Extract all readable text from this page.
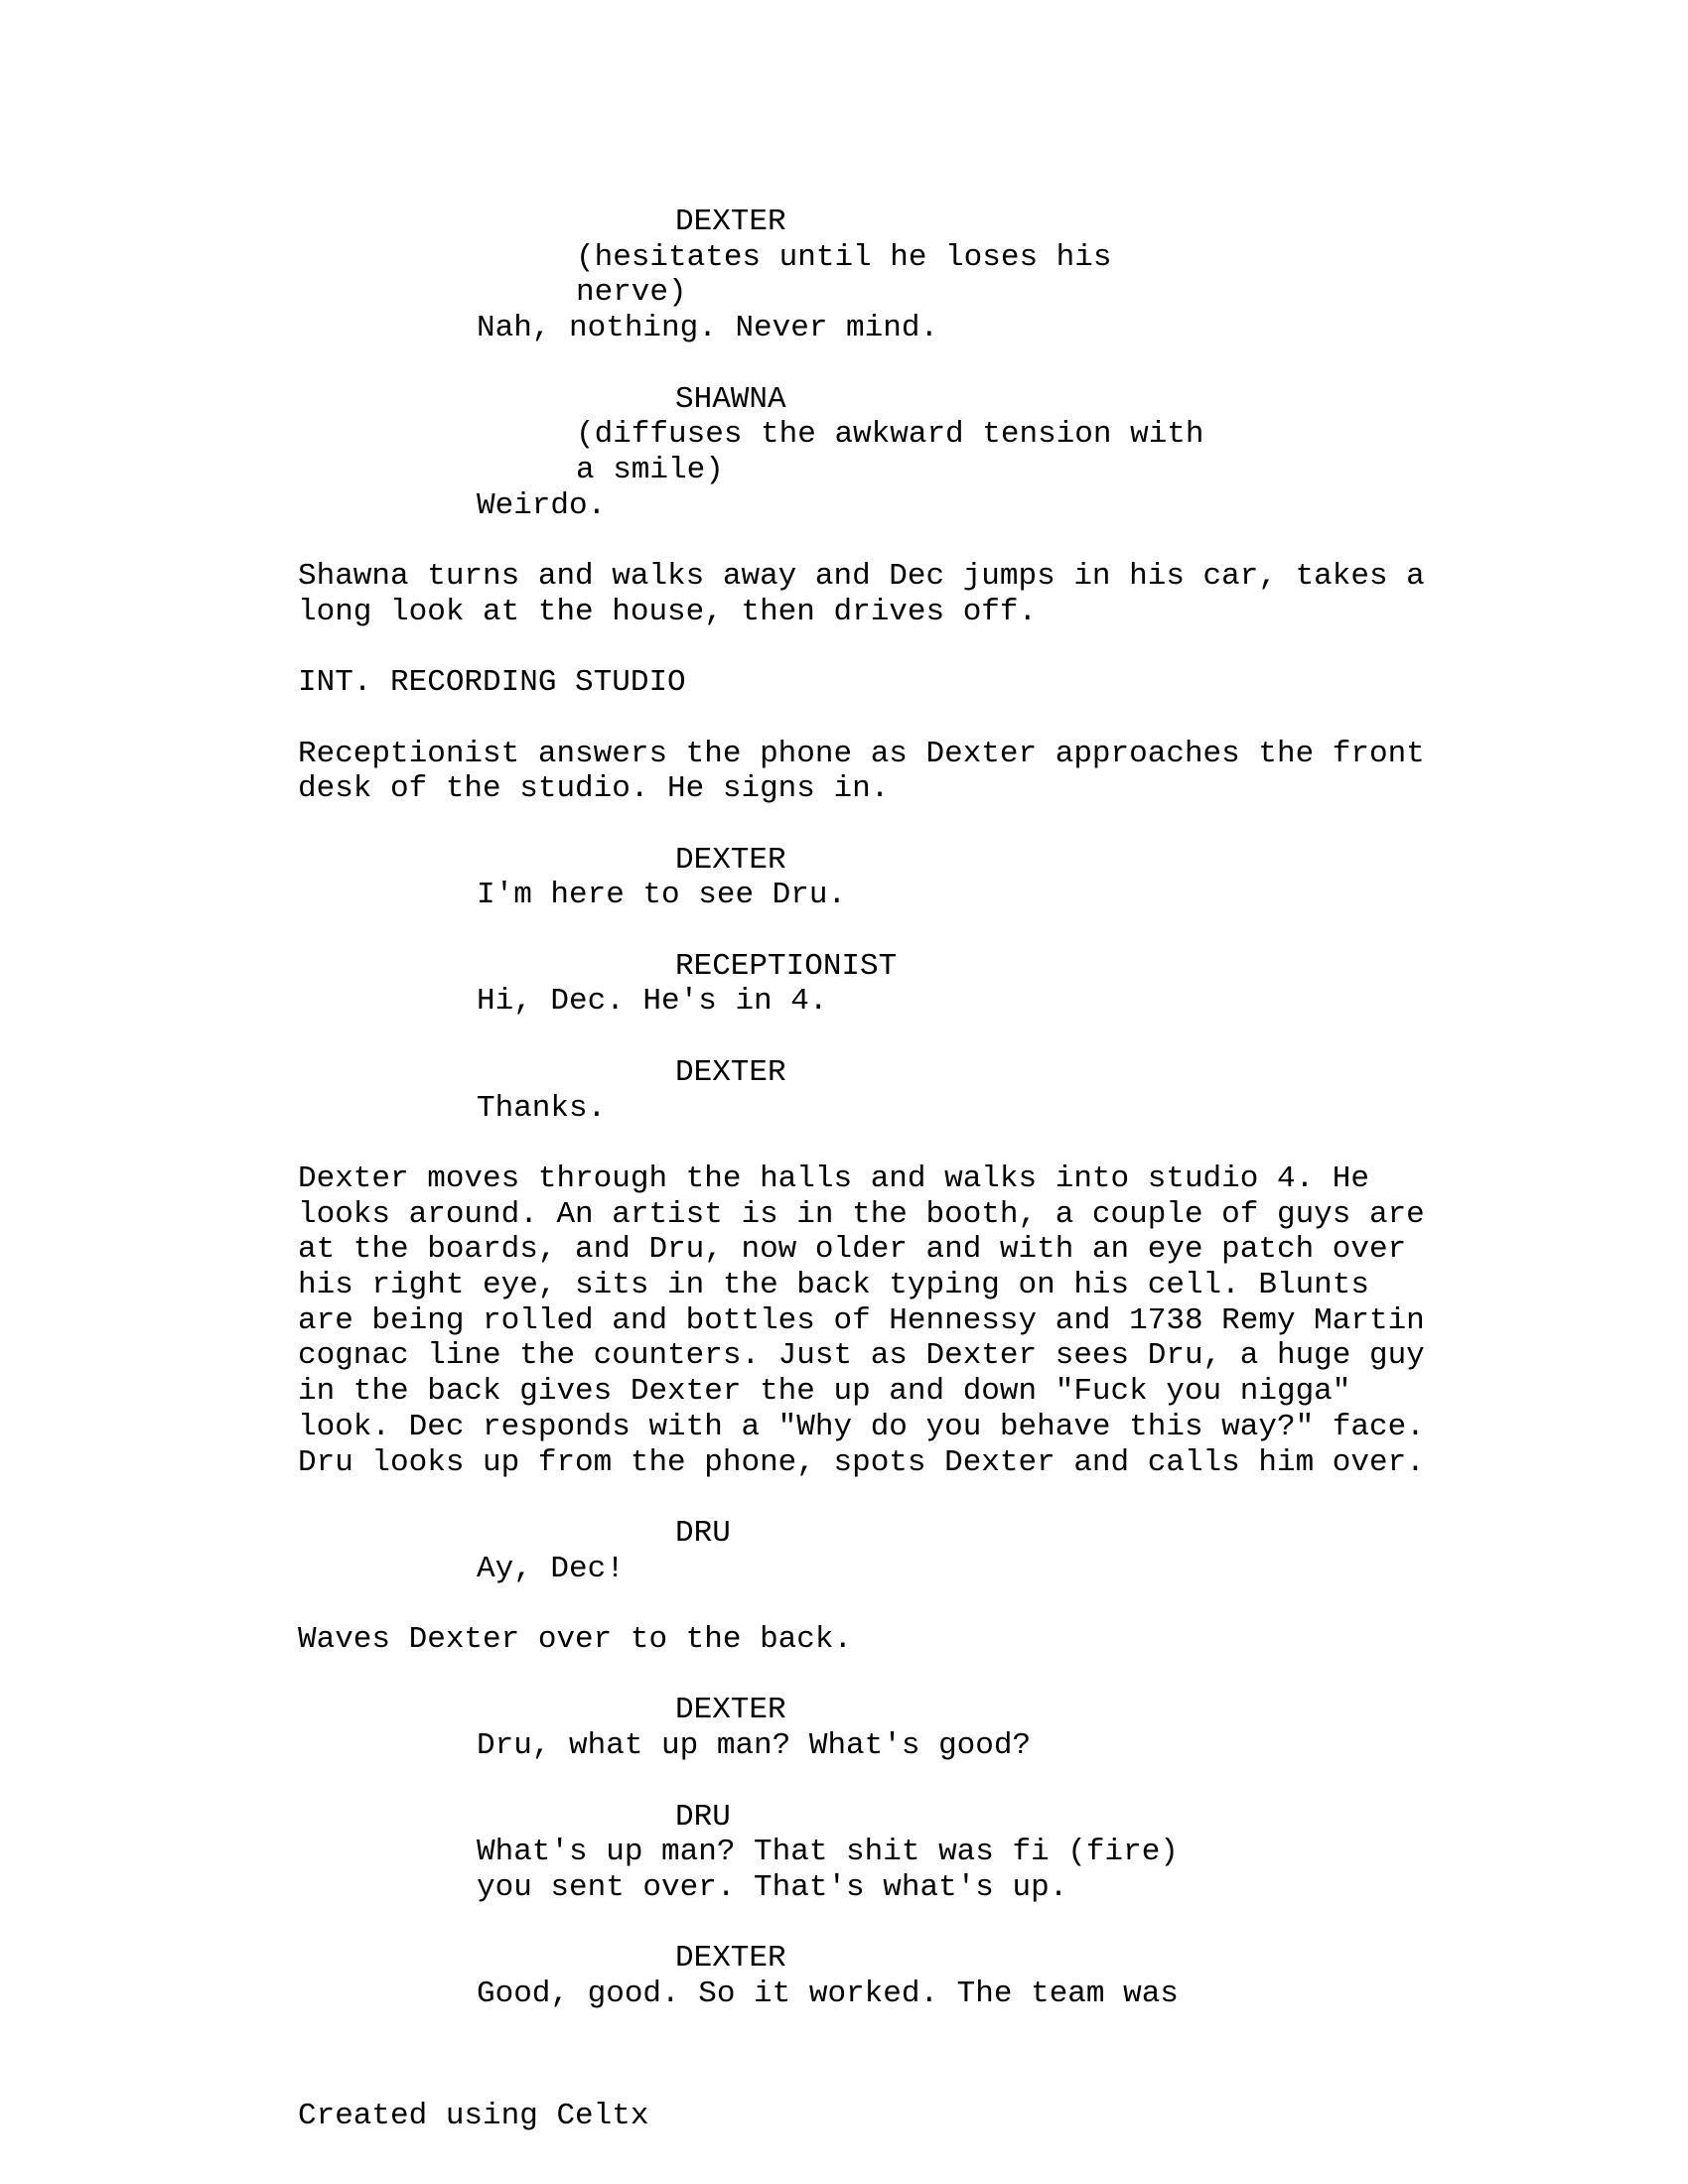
DEXTER
(hesitates until he loses his
nerve)
Nah, nothing. Never mind.
SHAWNA
(diffuses the awkward tension with
a smile)
Weirdo.
Shawna turns and walks away and Dec jumps in his car, takes a
long look at the house, then drives off.
INT. RECORDING STUDIO
Receptionist answers the phone as Dexter approaches the front
desk of the studio. He signs in.
DEXTER
I'm here to see Dru.
RECEPTIONIST
Hi, Dec. He's in 4.
DEXTER
Thanks.
Dexter moves through the halls and walks into studio 4. He
looks around. An artist is in the booth, a couple of guys are
at the boards, and Dru, now older and with an eye patch over
his right eye, sits in the back typing on his cell. Blunts
are being rolled and bottles of Hennessy and 1738 Remy Martin
cognac line the counters. Just as Dexter sees Dru, a huge guy
in the back gives Dexter the up and down "Fuck you nigga"
look. Dec responds with a "Why do you behave this way?" face.
Dru looks up from the phone, spots Dexter and calls him over.
DRU
Ay, Dec!
Waves Dexter over to the back.
DEXTER
Dru, what up man? What's good?
DRU
What's up man? That shit was fi (fire)
you sent over. That's what's up.
DEXTER
Good, good. So it worked. The team was
Created using Celtx
